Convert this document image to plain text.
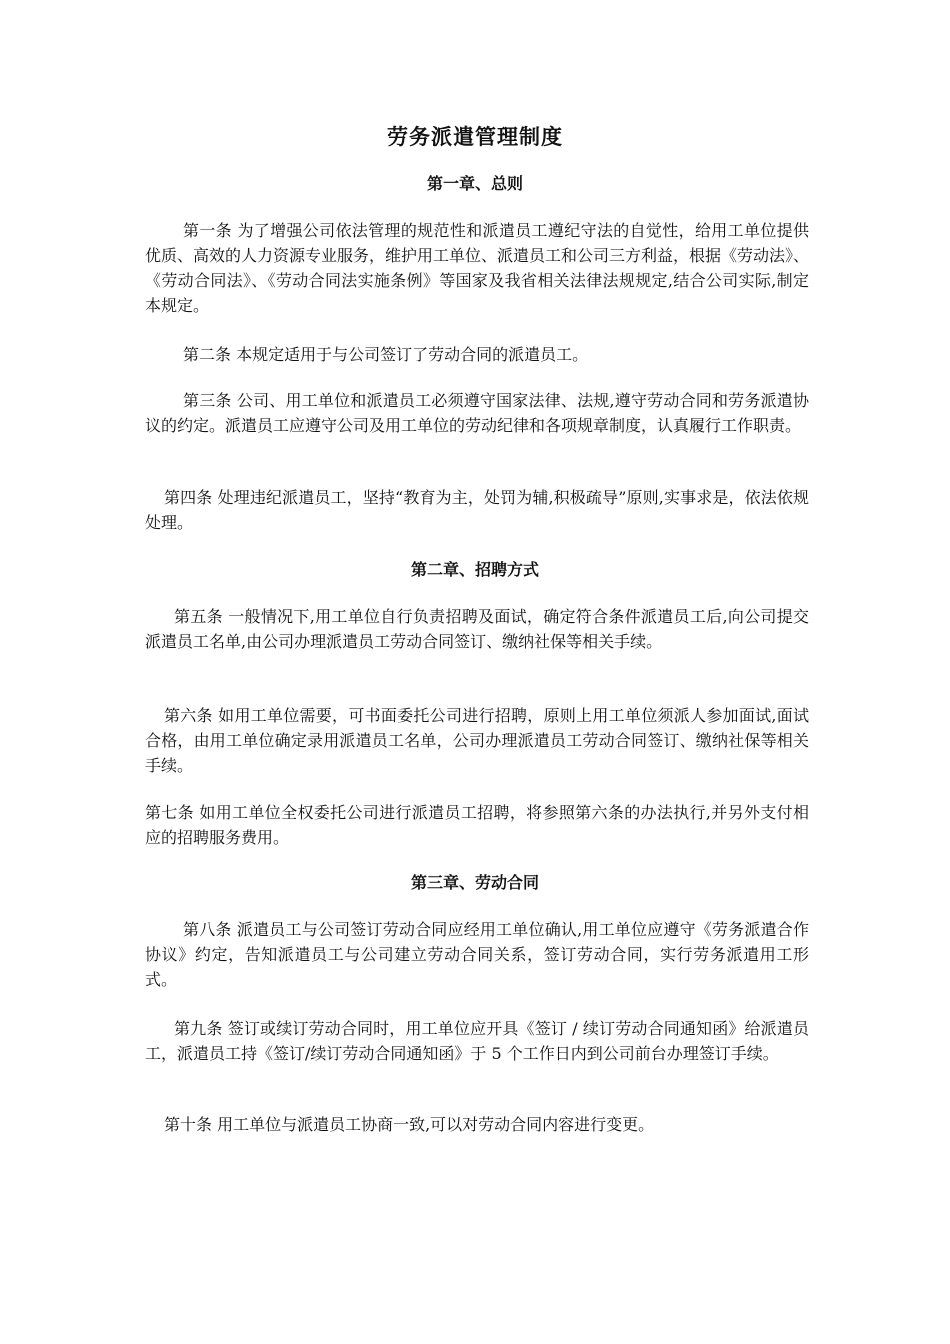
劳务派遣管理制度
第一章、总则
第一条 为了增强公司依法管理的规范性和派遣员工遵纪守法的自觉性，给用工单位提供优质、高效的人力资源专业服务，维护用工单位、派遣员工和公司三方利益，根据《劳动法》、《劳动合同法》、《劳动合同法实施条例》等国家及我省相关法律法规规定,结合公司实际,制定本规定。
第二条 本规定适用于与公司签订了劳动合同的派遣员工。
第三条 公司、用工单位和派遣员工必须遵守国家法律、法规,遵守劳动合同和劳务派遣协议的约定。派遣员工应遵守公司及用工单位的劳动纪律和各项规章制度，认真履行工作职责。
第四条 处理违纪派遣员工，坚持“教育为主，处罚为辅,积极疏导”原则,实事求是，依法依规处理。
第二章、招聘方式
第五条 一般情况下,用工单位自行负责招聘及面试，确定符合条件派遣员工后,向公司提交派遣员工名单,由公司办理派遣员工劳动合同签订、缴纳社保等相关手续。
第六条 如用工单位需要，可书面委托公司进行招聘，原则上用工单位须派人参加面试,面试合格，由用工单位确定录用派遣员工名单，公司办理派遣员工劳动合同签订、缴纳社保等相关手续。
第七条 如用工单位全权委托公司进行派遣员工招聘，将参照第六条的办法执行,并另外支付相应的招聘服务费用。
第三章、劳动合同
第八条 派遣员工与公司签订劳动合同应经用工单位确认,用工单位应遵守《劳务派遣合作协议》约定，告知派遣员工与公司建立劳动合同关系，签订劳动合同，实行劳务派遣用工形式。
第九条 签订或续订劳动合同时，用工单位应开具《签订 / 续订劳动合同通知函》给派遣员工，派遣员工持《签订/续订劳动合同通知函》于 5 个工作日内到公司前台办理签订手续。
第十条 用工单位与派遣员工协商一致,可以对劳动合同内容进行变更。
